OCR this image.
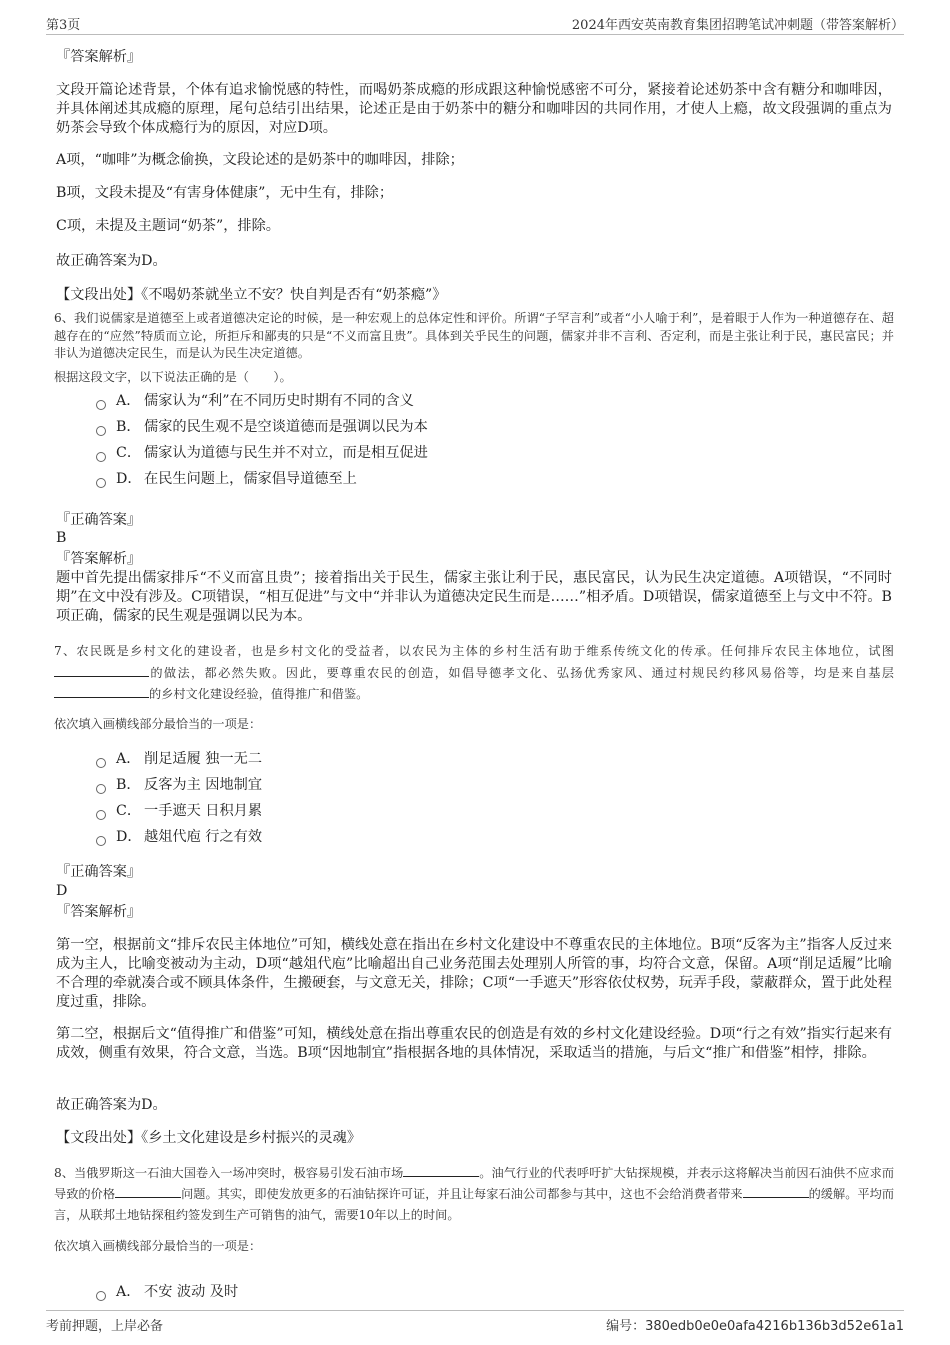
第3页	2024年西安英南教育集团招聘笔试冲刺题（带答案解析）
『答案解析』
文段开篇论述背景，个体有追求愉悦感的特性，而喝奶茶成瘾的形成跟这种愉悦感密不可分，紧接着论述奶茶中含有糖分和咖啡因，并具体阐述其成瘾的原理，尾句总结引出结果，论述正是由于奶茶中的糖分和咖啡因的共同作用，才使人上瘾，故文段强调的重点为奶茶会导致个体成瘾行为的原因，对应D项。
A项，“咖啡”为概念偷换，文段论述的是奶茶中的咖啡因，排除；
B项，文段未提及“有害身体健康”，无中生有，排除；
C项，未提及主题词“奶茶”，排除。
故正确答案为D。
【文段出处】《不喝奶茶就坐立不安？快自判是否有“奶茶瘾”》
6、我们说儒家是道德至上或者道德决定论的时候，是一种宏观上的总体定性和评价。所谓“子罕言利”或者“小人喻于利”，是着眼于人作为一种道德存在、超越存在的“应然”特质而立论，所拒斥和鄙夷的只是“不义而富且贵”。具体到关乎民生的问题，儒家并非不言利、否定利，而是主张让利于民，惠民富民；并非认为道德决定民生，而是认为民生决定道德。
根据这段文字，以下说法正确的是（　　）。
A． 儒家认为“利”在不同历史时期有不同的含义
B． 儒家的民生观不是空谈道德而是强调以民为本
C． 儒家认为道德与民生并不对立，而是相互促进
D． 在民生问题上，儒家倡导道德至上
『正确答案』
B
『答案解析』
题中首先提出儒家排斥“不义而富且贵”；接着指出关于民生，儒家主张让利于民，惠民富民，认为民生决定道德。A项错误，“不同时期”在文中没有涉及。C项错误，“相互促进”与文中“并非认为道德决定民生而是……”相矛盾。D项错误，儒家道德至上与文中不符。B项正确，儒家的民生观是强调以民为本。
7、农民既是乡村文化的建设者，也是乡村文化的受益者，以农民为主体的乡村生活有助于维系传统文化的传承。任何排斥农民主体地位，试图的做法，都必然失败。因此，要尊重农民的创造，如倡导德孝文化、弘扬优秀家风、通过村规民约移风易俗等，均是来自基层的乡村文化建设经验，值得推广和借鉴。
依次填入画横线部分最恰当的一项是：
A． 削足适履 独一无二
B． 反客为主 因地制宜
C． 一手遮天 日积月累
D． 越俎代庖 行之有效
『正确答案』
D
『答案解析』
第一空，根据前文“排斥农民主体地位”可知，横线处意在指出在乡村文化建设中不尊重农民的主体地位。B项“反客为主”指客人反过来成为主人，比喻变被动为主动，D项“越俎代庖”比喻超出自己业务范围去处理别人所管的事，均符合文意，保留。A项“削足适履”比喻不合理的牵就凑合或不顾具体条件，生搬硬套，与文意无关，排除；C项“一手遮天”形容依仗权势，玩弄手段，蒙蔽群众，置于此处程度过重，排除。
第二空，根据后文“值得推广和借鉴”可知，横线处意在指出尊重农民的创造是有效的乡村文化建设经验。D项“行之有效”指实行起来有成效，侧重有效果，符合文意，当选。B项“因地制宜”指根据各地的具体情况，采取适当的措施，与后文“推广和借鉴”相悖，排除。
故正确答案为D。
【文段出处】《乡土文化建设是乡村振兴的灵魂》
8、当俄罗斯这一石油大国卷入一场冲突时，极容易引发石油市场	。油气行业的代表呼吁扩大钻探规模，并表示这将解决当前因石油供不应求而导致的价格	问题。其实，即使发放更多的石油钻探许可证，并且让每家石油公司都参与其中，这也不会给消费者带来	的缓解。平均而言，从联邦土地钻探租约签发到生产可销售的油气，需要10年以上的时间。
依次填入画横线部分最恰当的一项是：
A． 不安 波动 及时
考前押题，上岸必备	编号：380edb0e0e0afa4216b136b3d52e61a1
